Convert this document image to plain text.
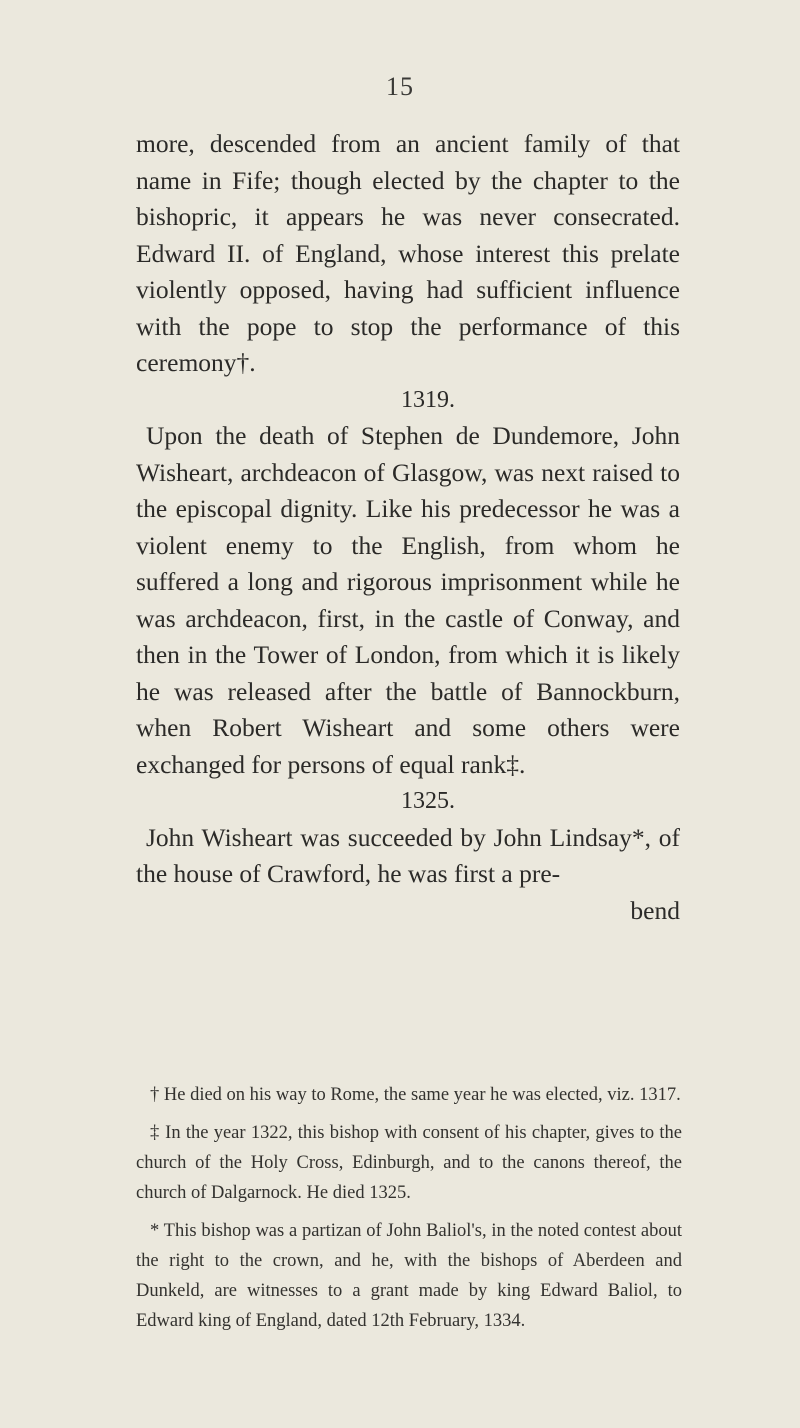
15

more, descended from an ancient family of that name in Fife; though elected by the chapter to the bishopric, it appears he was never consecrated. Edward II. of England, whose interest this prelate violently opposed, having had sufficient influence with the pope to stop the performance of this ceremony†.

1319.

Upon the death of Stephen de Dundemore, John Wisheart, archdeacon of Glasgow, was next raised to the episcopal dignity. Like his predecessor he was a violent enemy to the English, from whom he suffered a long and rigorous imprisonment while he was archdeacon, first, in the castle of Conway, and then in the Tower of London, from which it is likely he was released after the battle of Bannockburn, when Robert Wisheart and some others were exchanged for persons of equal rank‡.

1325.

John Wisheart was succeeded by John Lindsay*, of the house of Crawford, he was first a pre-

bend

† He died on his way to Rome, the same year he was elected, viz. 1317.

‡ In the year 1322, this bishop with consent of his chapter, gives to the church of the Holy Cross, Edinburgh, and to the canons thereof, the church of Dalgarnock. He died 1325.

* This bishop was a partizan of John Baliol's, in the noted contest about the right to the crown, and he, with the bishops of Aberdeen and Dunkeld, are witnesses to a grant made by king Edward Baliol, to Edward king of England, dated 12th February, 1334.
